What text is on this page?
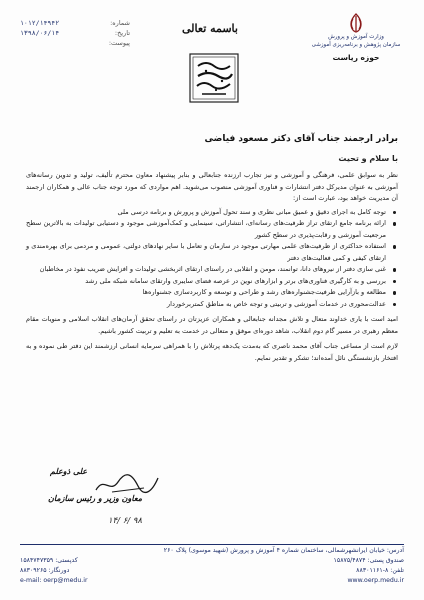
شماره:
۱۰۱۲/۱۴۹۴۲
تاریخ:
۱۳۹۸/۰۶/۱۴
پیوست:
باسمه تعالی
وزارت آموزش و پرورش
سازمان پژوهش و برنامه‌ریزی آموزشی
حوزه ریاست
برادر ارجمند جناب آقای دکتر مسعود فیاضی
با سلام و تحیت

نظر به سوابق علمی، فرهنگی و آموزشی و نیز تجارب ارزنده جنابعالی و بنابر پیشنهاد معاون محترم تألیف، تولید و تدوین رسانه‌های آموزشی به عنوان مدیرکل دفتر انتشارات و فناوری آموزشی منصوب می‌شوید. اهم مواردی که مورد توجه جناب عالی و همکاران ارجمند آن مدیریت خواهد بود، عبارت است از:

توجه کامل به اجرای دقیق و عمیق مبانی نظری و سند تحول آموزش و پرورش و برنامه درسی ملی
ارائه برنامه جامع ارتقای تراز ظرفیت‌های رسانه‌ای، انتشاراتی، سینمایی و کمک‌آموزشی موجود و دستیابی تولیدات به بالاترین سطح مرجعیت آموزشی و رقابت‌پذیری در سطح کشور
استفاده حداکثری از ظرفیت‌های علمی مهارتی موجود در سازمان و تعامل با سایر نهادهای دولتی، عمومی و مردمی برای بهره‌مندی و ارتقای کیفی و کمی فعالیت‌های دفتر
غنی سازی دفتر از نیروهای دانا، توانمند، مومن و انقلابی در راستای ارتقای اثربخشی تولیدات و افزایش ضریب نفوذ در مخاطبان
بررسی و به کارگیری فناوری‌های برتر و ابزارهای نوین در عرصه فضای سایبری وارتقای سامانه شبکه ملی رشد
مطالعه و بازآرایی ظرفیت‌جشنواره‌های رشد و طراحی و توسعه و کاربردسازی جشنواره‌ها
عدالت‌محوری در خدمات آموزشی و تربیتی و توجه خاص به مناطق کمتربرخوردار

امید است با یاری خداوند متعال و تلاش مجدانه جنابعالی و همکاران عزیزتان در راستای تحقق آرمان‌های انقلاب اسلامی و منویات مقام معظم رهبری در مسیر گام دوم انقلاب، شاهد دوره‌ای موفق و متعالی در خدمت به تعلیم و تربیت کشور باشیم.

لازم است از مساعی جناب آقای محمد ناصری که به‌مدت یک‌دهه پرتلاش را با همراهی سرمایه انسانی ارزشمند این دفتر طی نموده و به افتخار بازنشستگی نائل آمده‌اند؛ تشکر و تقدیر نمایم.

علی ذوعلم
معاون وزیر و رئیس سازمان
۱۴/ ۶/ ۹۸
آدرس: خیابان ایرانشهرشمالی، ساختمان شماره ۴ آموزش و پرورش (شهید موسوی) پلاک ۲۶۰
کدپستی: ۱۵۸۴۷۴۷۳۵۹	صندوق پستی: ۱۵۸۷۵/۴۸۷۴
دورنگار: ۸۸۳۰۹۲۶۵	تلفن: ۸-۸۸۳۰۱۱۶۱
e-mail: oerp@medu.ir	www.oerp.medu.ir
